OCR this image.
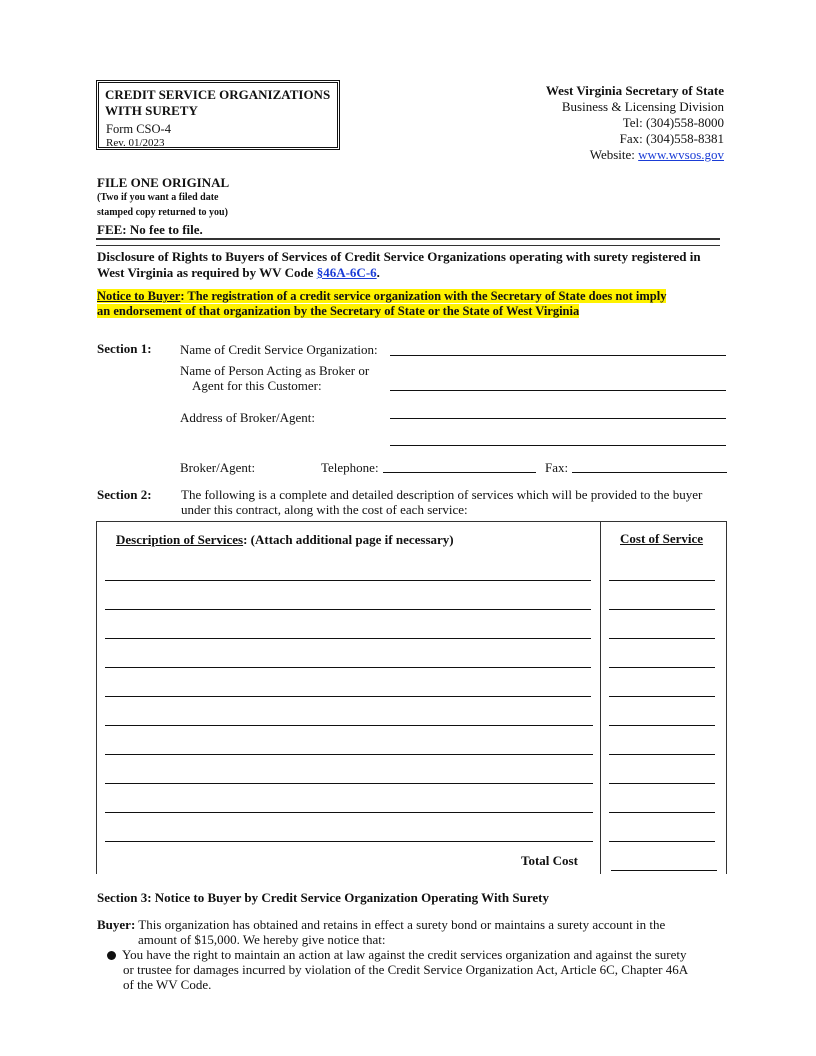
CREDIT SERVICE ORGANIZATIONS
WITH SURETY
Form CSO-4
Rev. 01/2023
West Virginia Secretary of State
Business & Licensing Division
Tel: (304)558-8000
Fax: (304)558-8381
Website: www.wvsos.gov
FILE ONE ORIGINAL
(Two if you want a filed date
stamped copy returned to you)
FEE: No fee to file.
Disclosure of Rights to Buyers of Services of Credit Service Organizations operating with surety registered in
West Virginia as required by WV Code §46A-6C-6.
Notice to Buyer: The registration of a credit service organization with the Secretary of State does not imply
an endorsement of that organization by the Secretary of State or the State of West Virginia
Section 1: Name of Credit Service Organization:
Name of Person Acting as Broker or
Agent for this Customer:
Address of Broker/Agent:
Broker/Agent:	Telephone:	Fax:
Section 2: The following is a complete and detailed description of services which will be provided to the buyer
under this contract, along with the cost of each service:
Description of Services: (Attach additional page if necessary)	Cost of Service
Total Cost
Section 3: Notice to Buyer by Credit Service Organization Operating With Surety
Buyer: This organization has obtained and retains in effect a surety bond or maintains a surety account in the
amount of $15,000. We hereby give notice that:
You have the right to maintain an action at law against the credit services organization and against the surety
or trustee for damages incurred by violation of the Credit Service Organization Act, Article 6C, Chapter 46A
of the WV Code.
